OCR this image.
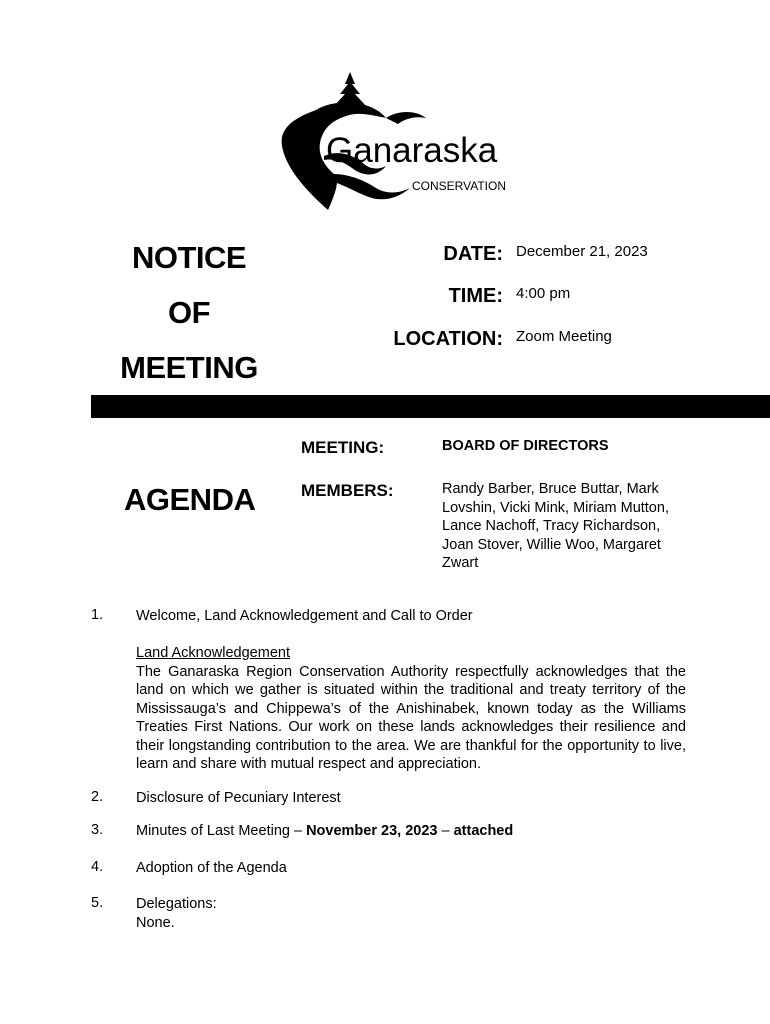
Ganaraska
CONSERVATION
NOTICE
OF
MEETING
DATE: December 21, 2023
TIME: 4:00 pm
LOCATION: Zoom Meeting
AGENDA
MEETING:	BOARD OF DIRECTORS
MEMBERS:	Randy Barber, Bruce Buttar, Mark
Lovshin, Vicki Mink, Miriam Mutton,
Lance Nachoff, Tracy Richardson,
Joan Stover, Willie Woo, Margaret
Zwart
1. Welcome, Land Acknowledgement and Call to Order
Land Acknowledgement
The Ganaraska Region Conservation Authority respectfully acknowledges that the land on which we gather is situated within the traditional and treaty territory of the Mississauga’s and Chippewa’s of the Anishinabek, known today as the Williams Treaties First Nations. Our work on these lands acknowledges their resilience and their longstanding contribution to the area. We are thankful for the opportunity to live, learn and share with mutual respect and appreciation.
2. Disclosure of Pecuniary Interest
3. Minutes of Last Meeting – November 23, 2023 – attached
4. Adoption of the Agenda
5. Delegations:
None.
